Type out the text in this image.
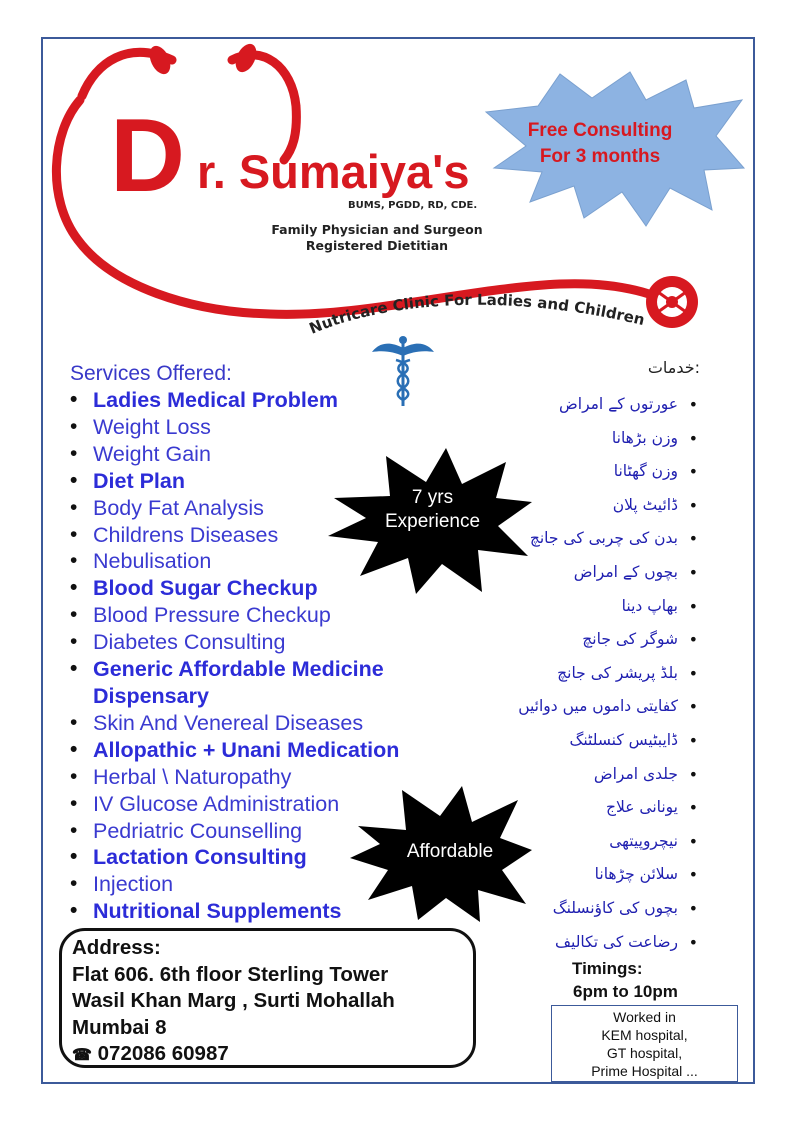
Nutricare Clinic For Ladies and Children
Free Consulting
For 3 months
D r. Sumaiya's
BUMS, PGDD, RD, CDE.
Family Physician and Surgeon
Registered Dietitian
Services Offered:
• Ladies Medical Problem
• Weight Loss
• Weight Gain
• Diet Plan
• Body Fat Analysis
• Childrens Diseases
• Nebulisation
• Blood Sugar Checkup
• Blood Pressure Checkup
• Diabetes Consulting
• Generic Affordable Medicine Dispensary
• Skin And Venereal Diseases
• Allopathic + Unani Medication
• Herbal \ Naturopathy
• IV Glucose Administration
• Pedriatric Counselling
• Lactation Consulting
• Injection
• Nutritional Supplements
خدمات:
• عورتوں کے امراض
• وزن بڑھانا
• وزن گھٹانا
• ڈائیٹ پلان
• بدن کی چربی کی جانچ
• بچوں کے امراض
• بھاپ دینا
• شوگر کی جانچ
• بلڈ پریشر کی جانچ
• کفایتی داموں میں دوائیں
• ڈایبٹیس کنسلٹنگ
• جلدی امراض
• یونانی علاج
• نیچروپیتھی
• سلائن چڑھانا
• بچوں کی کاؤنسلنگ
• رضاعت کی تکالیف
7 yrs
Experience
Affordable
Address:
Flat 606. 6th floor Sterling Tower
Wasil Khan Marg , Surti Mohallah
Mumbai 8
☎ 072086 60987
Timings:
6pm to 10pm
Worked in
KEM hospital,
GT hospital,
Prime Hospital ...
